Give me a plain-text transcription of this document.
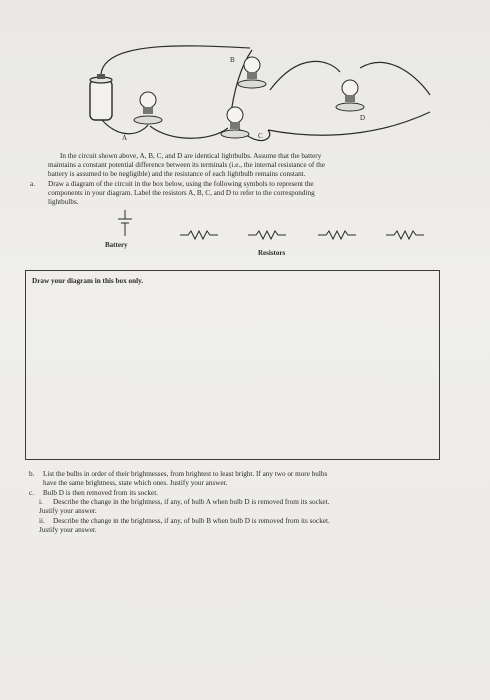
A
B
C
D
In the circuit shown above, A, B, C, and D are identical lightbulbs. Assume that the battery
maintains a constant potential difference between its terminals (i.e., the internal resistance of the
battery is assumed to be negligible) and the resistance of each lightbulb remains constant.
a. Draw a diagram of the circuit in the box below, using the following symbols to represent the
components in your diagram. Label the resistors A, B, C, and D to refer to the corresponding
lightbulbs.
Battery
Resistors
Draw your diagram in this box only.
b. List the bulbs in order of their brightnesses, from brightest to least bright. If any two or more bulbs
have the same brightness, state which ones. Justify your answer.
c. Bulb D is then removed from its socket.
i. Describe the change in the brightness, if any, of bulb A when bulb D is removed from its socket.
Justify your answer.
ii. Describe the change in the brightness, if any, of bulb B when bulb D is removed from its socket.
Justify your answer.
